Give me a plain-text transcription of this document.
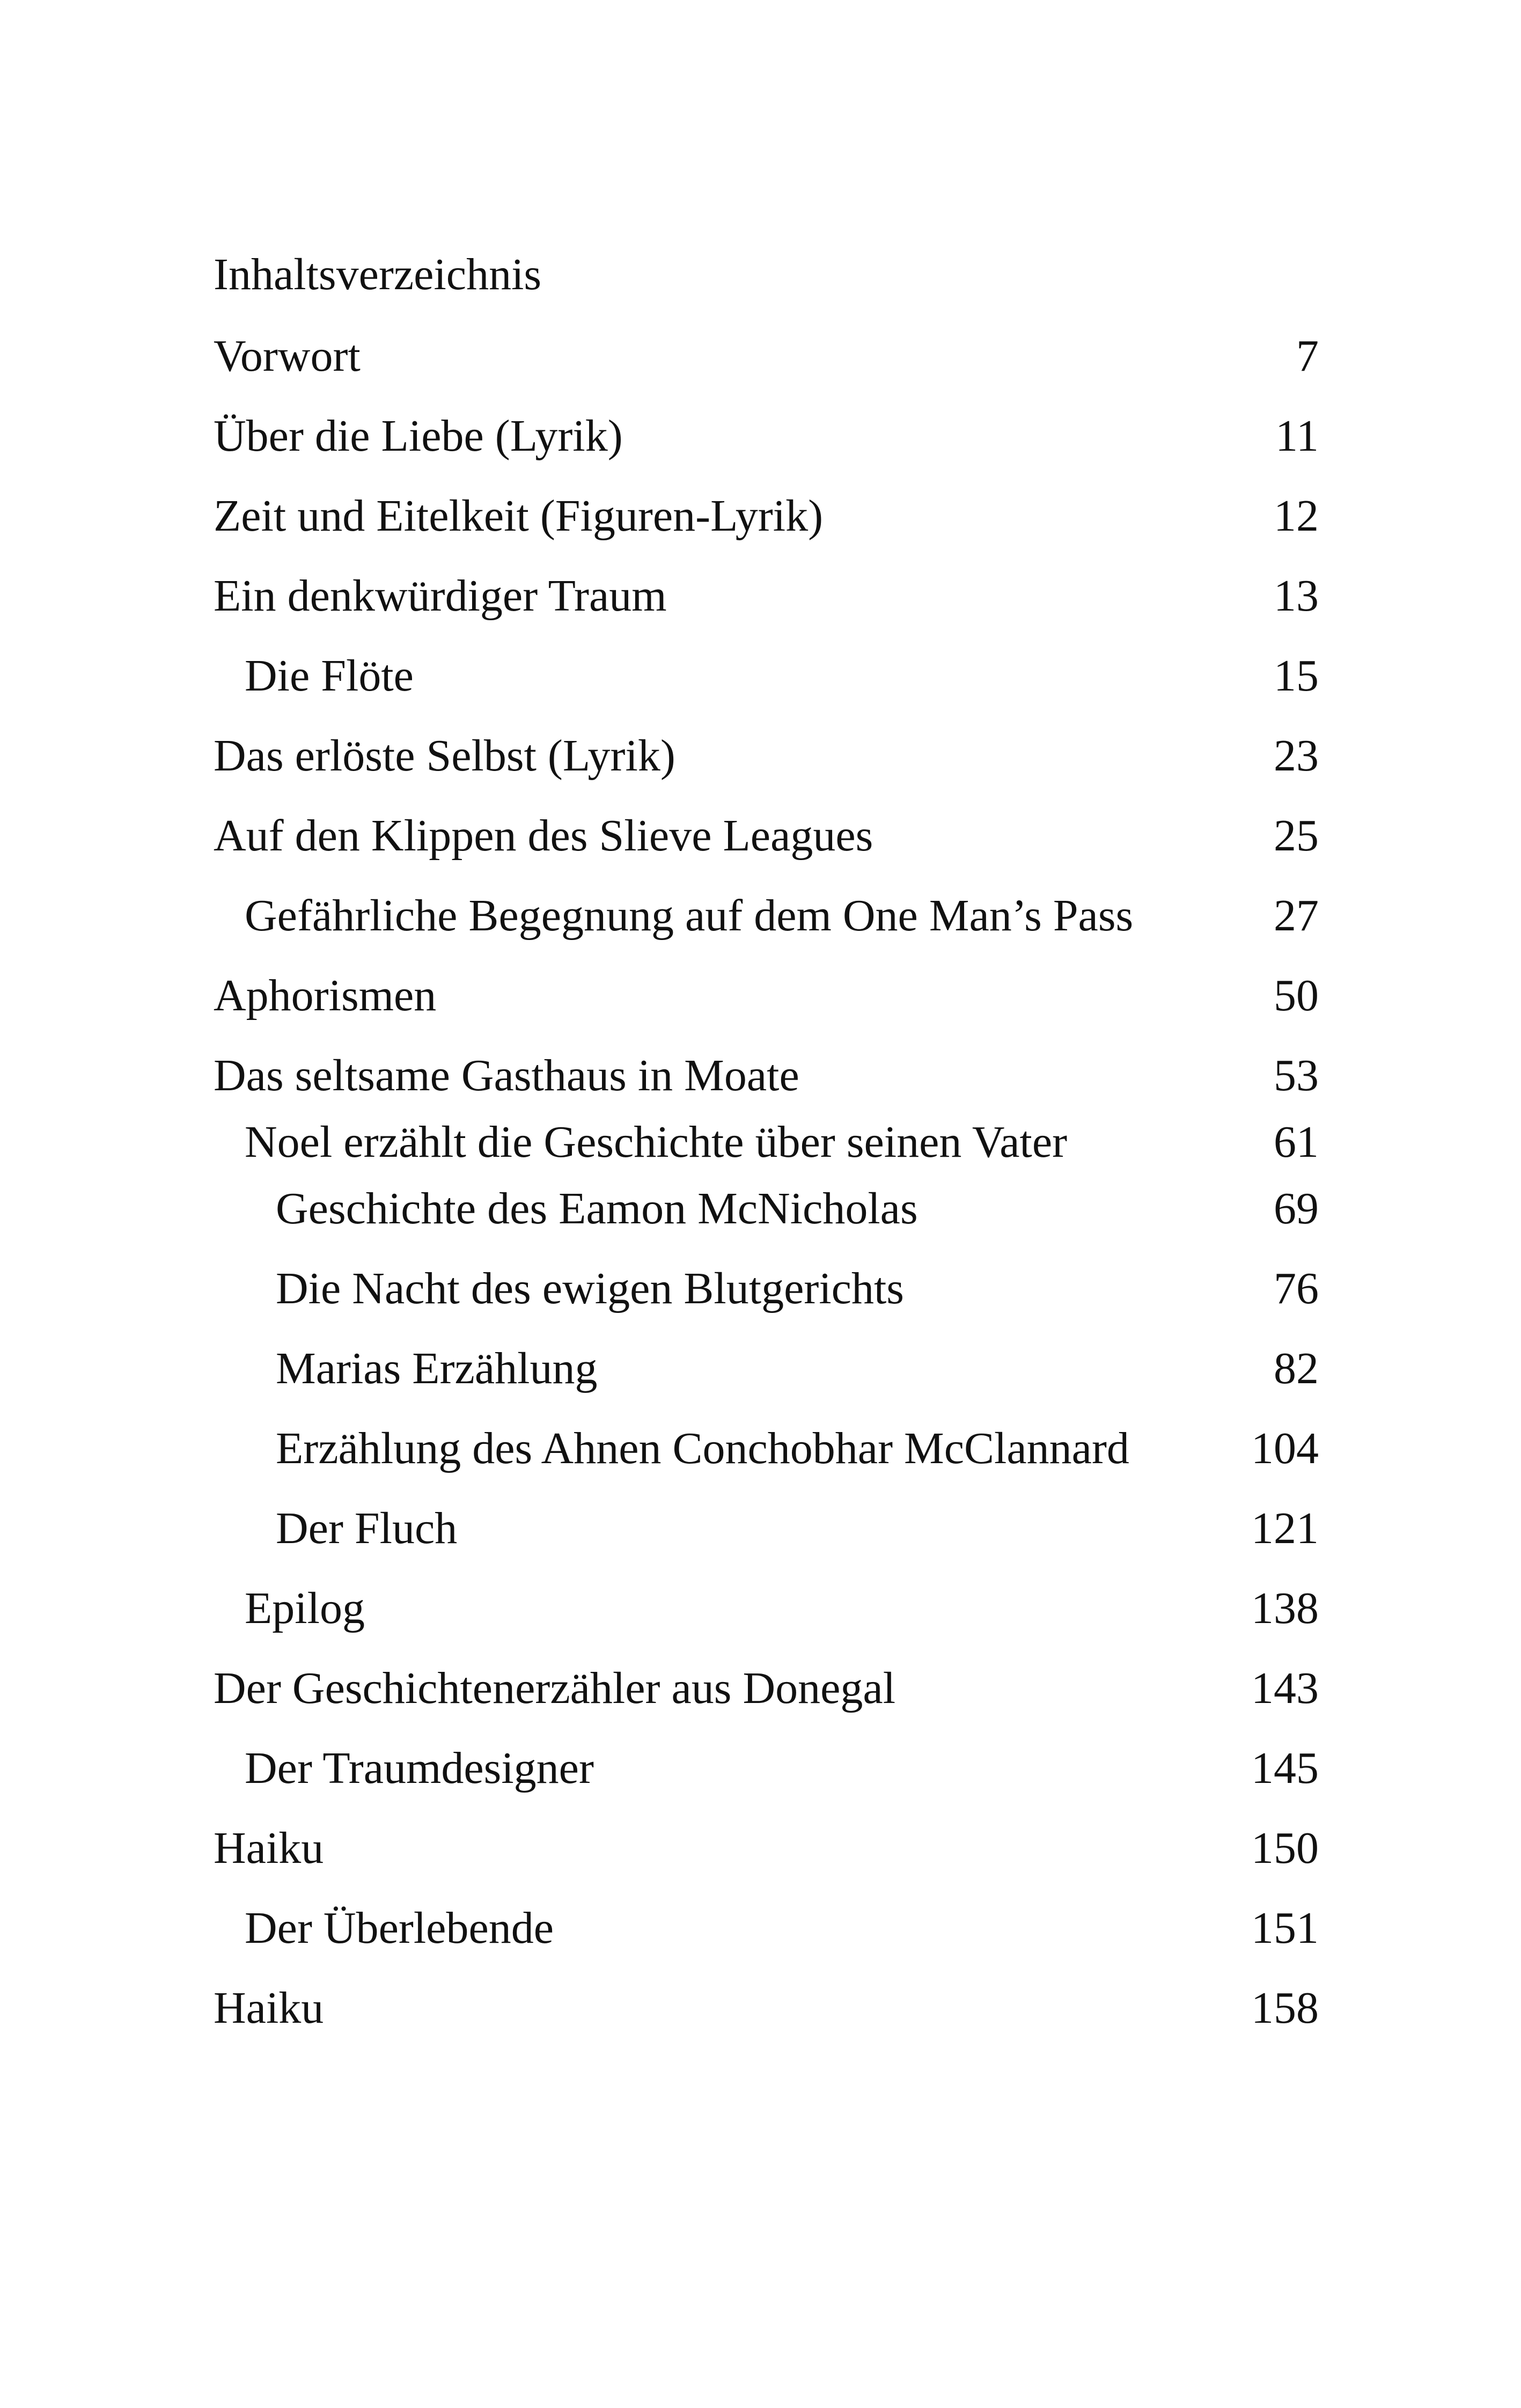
Inhaltsverzeichnis
Vorwort	7
Über die Liebe (Lyrik)	11
Zeit und Eitelkeit (Figuren-Lyrik)	12
Ein denkwürdiger Traum	13
Die Flöte	15
Das erlöste Selbst (Lyrik)	23
Auf den Klippen des Slieve Leagues	25
Gefährliche Begegnung auf dem One Man’s Pass	27
Aphorismen	50
Das seltsame Gasthaus in Moate	53
Noel erzählt die Geschichte über seinen Vater	61
Geschichte des Eamon McNicholas	69
Die Nacht des ewigen Blutgerichts	76
Marias Erzählung	82
Erzählung des Ahnen Conchobhar McClannard	104
Der Fluch	121
Epilog	138
Der Geschichtenerzähler aus Donegal	143
Der Traumdesigner	145
Haiku	150
Der Überlebende	151
Haiku	158
